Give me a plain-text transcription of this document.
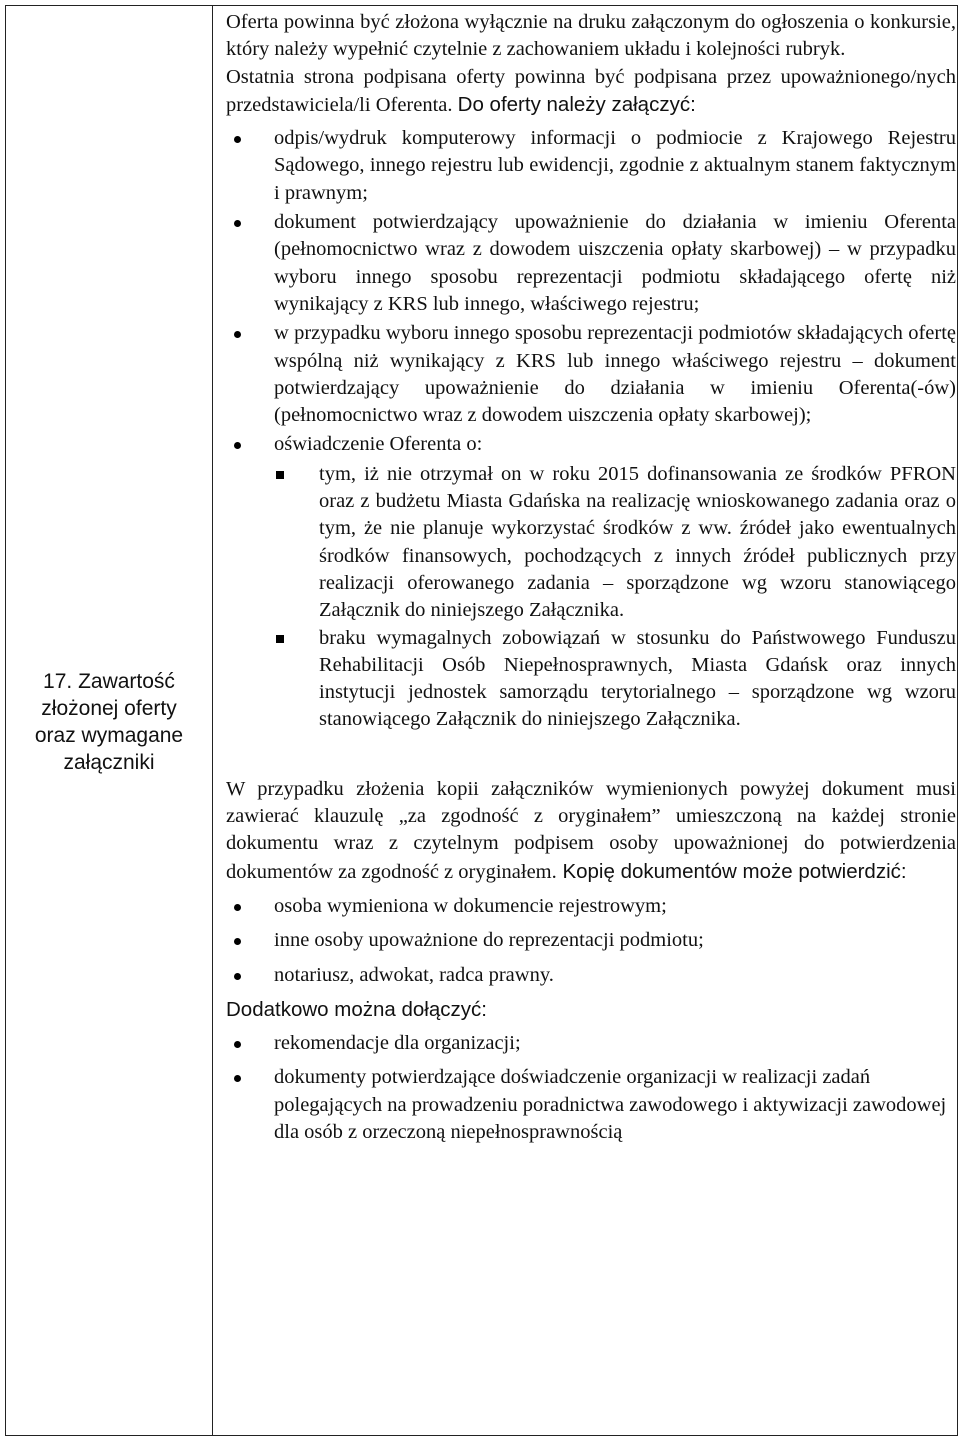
17. Zawartość
złożonej oferty
oraz wymagane
załączniki

Oferta powinna być złożona wyłącznie na druku załączonym do ogłoszenia o konkursie, który należy wypełnić czytelnie z zachowaniem układu i kolejności rubryk.

Ostatnia strona podpisana oferty powinna być podpisana przez upoważnionego/nych przedstawiciela/li Oferenta. Do oferty należy załączyć:

odpis/wydruk komputerowy informacji o podmiocie z Krajowego Rejestru Sądowego, innego rejestru lub ewidencji, zgodnie z aktualnym stanem faktycznym i prawnym;
dokument potwierdzający upoważnienie do działania w imieniu Oferenta (pełnomocnictwo wraz z dowodem uiszczenia opłaty skarbowej) – w przypadku wyboru innego sposobu reprezentacji podmiotu składającego ofertę niż wynikający z KRS lub innego, właściwego rejestru;
w przypadku wyboru innego sposobu reprezentacji podmiotów składających ofertę wspólną niż wynikający z KRS lub innego właściwego rejestru – dokument potwierdzający upoważnienie do działania w imieniu Oferenta(-ów) (pełnomocnictwo wraz z dowodem uiszczenia opłaty skarbowej);
oświadczenie Oferenta o:
tym, iż nie otrzymał on w roku 2015 dofinansowania ze środków PFRON oraz z budżetu Miasta Gdańska na realizację wnioskowanego zadania oraz o tym, że nie planuje wykorzystać środków z ww. źródeł jako ewentualnych środków finansowych, pochodzących z innych źródeł publicznych przy realizacji oferowanego zadania – sporządzone wg wzoru stanowiącego Załącznik do niniejszego Załącznika.
braku wymagalnych zobowiązań w stosunku do Państwowego Funduszu Rehabilitacji Osób Niepełnosprawnych, Miasta Gdańsk oraz innych instytucji jednostek samorządu terytorialnego – sporządzone wg wzoru stanowiącego Załącznik do niniejszego Załącznika.

W przypadku złożenia kopii załączników wymienionych powyżej dokument musi zawierać klauzulę „za zgodność z oryginałem” umieszczoną na każdej stronie dokumentu wraz z czytelnym podpisem osoby upoważnionej do potwierdzenia dokumentów za zgodność z oryginałem. Kopię dokumentów może potwierdzić:

osoba wymieniona w dokumencie rejestrowym;
inne osoby upoważnione do reprezentacji podmiotu;
notariusz, adwokat, radca prawny.

Dodatkowo można dołączyć:

rekomendacje dla organizacji;
dokumenty potwierdzające doświadczenie organizacji w realizacji zadań polegających na prowadzeniu poradnictwa zawodowego i aktywizacji zawodowej dla osób z orzeczoną niepełnosprawnością
